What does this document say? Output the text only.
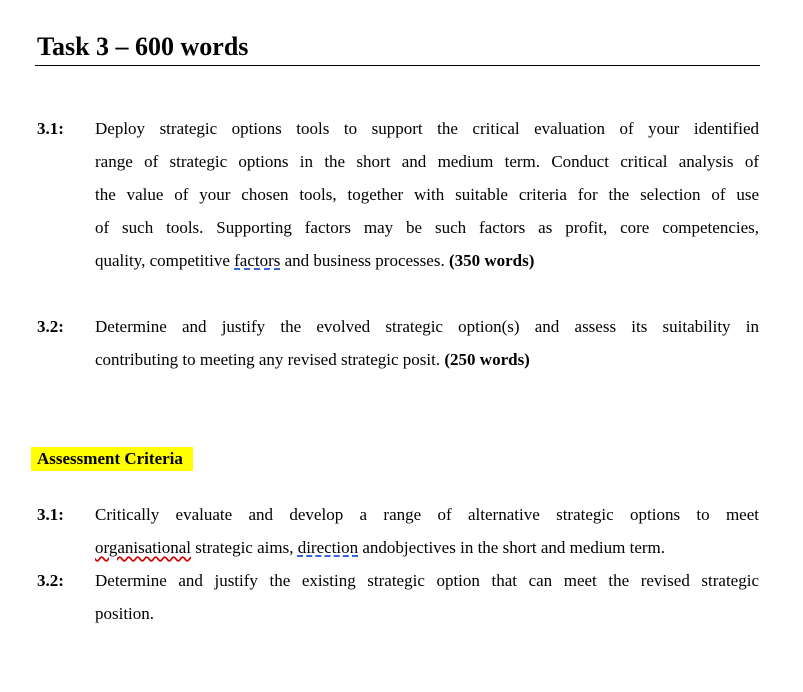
Task 3 – 600 words
3.1: Deploy strategic options tools to support the critical evaluation of your identified
range of strategic options in the short and medium term. Conduct critical analysis of
the value of your chosen tools, together with suitable criteria for the selection of use
of such tools. Supporting factors may be such factors as profit, core competencies,
quality, competitive factors and business processes. (350 words)
3.2: Determine and justify the evolved strategic option(s) and assess its suitability in
contributing to meeting any revised strategic posit. (250 words)
Assessment Criteria
3.1: Critically evaluate and develop a range of alternative strategic options to meet
organisational strategic aims, direction andobjectives in the short and medium term.
3.2: Determine and justify the existing strategic option that can meet the revised strategic
position.
